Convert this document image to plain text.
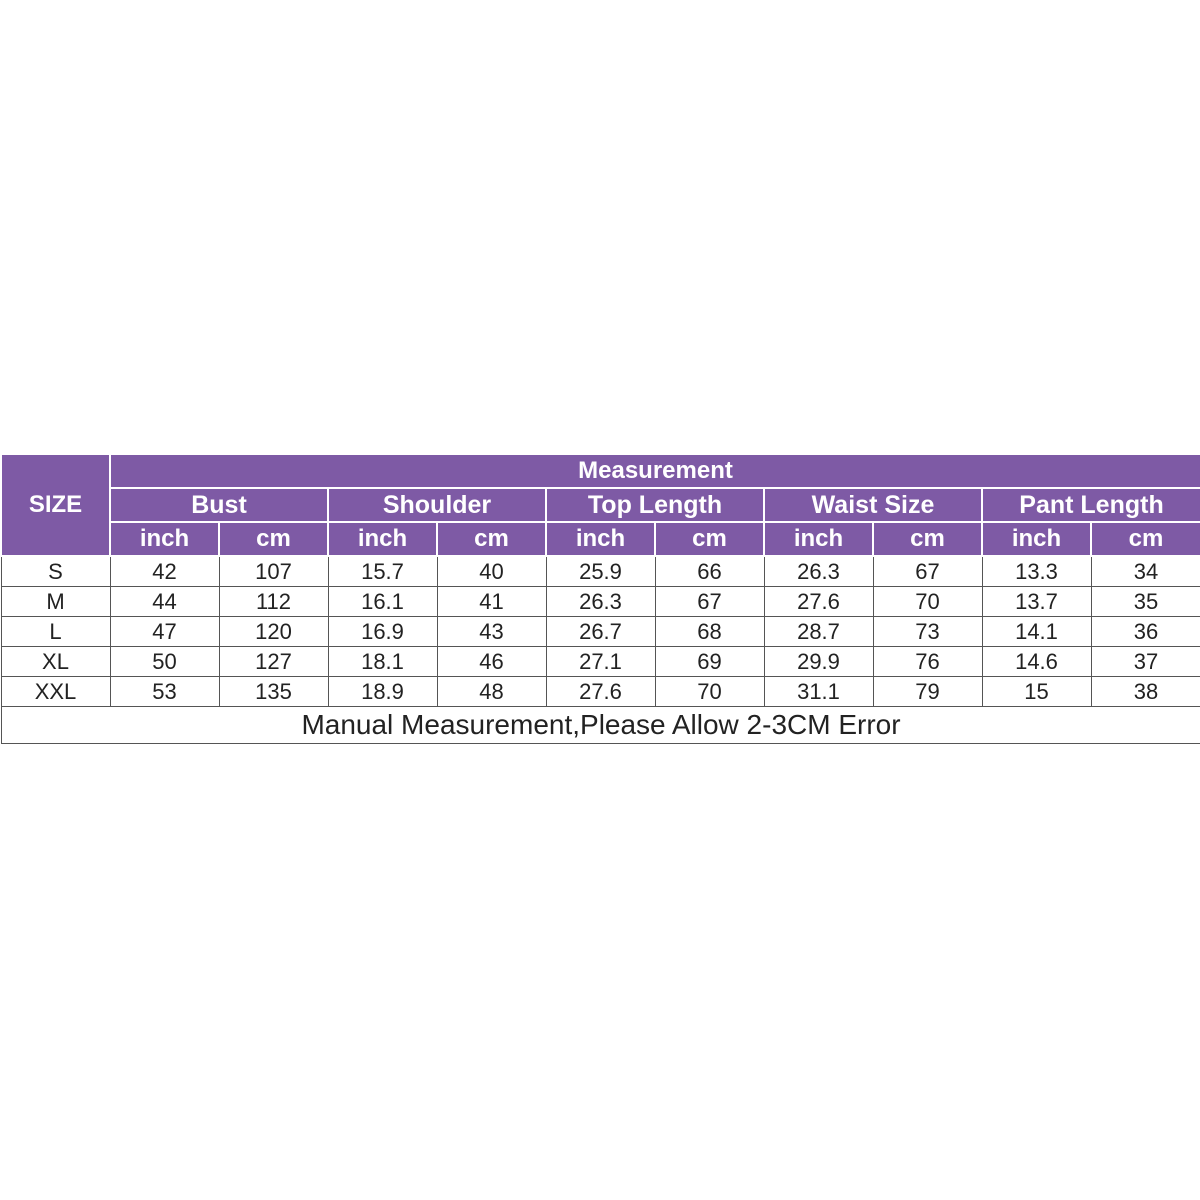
SIZE	Measurement									
	Bust		Shoulder		Top Length		Waist Size		Pant Length	
	inch	cm	inch	cm	inch	cm	inch	cm	inch	cm
S	42	107	15.7	40	25.9	66	26.3	67	13.3	34
M	44	112	16.1	41	26.3	67	27.6	70	13.7	35
L	47	120	16.9	43	26.7	68	28.7	73	14.1	36
XL	50	127	18.1	46	27.1	69	29.9	76	14.6	37
XXL	53	135	18.9	48	27.6	70	31.1	79	15	38
Manual Measurement,Please Allow 2-3CM Error										
